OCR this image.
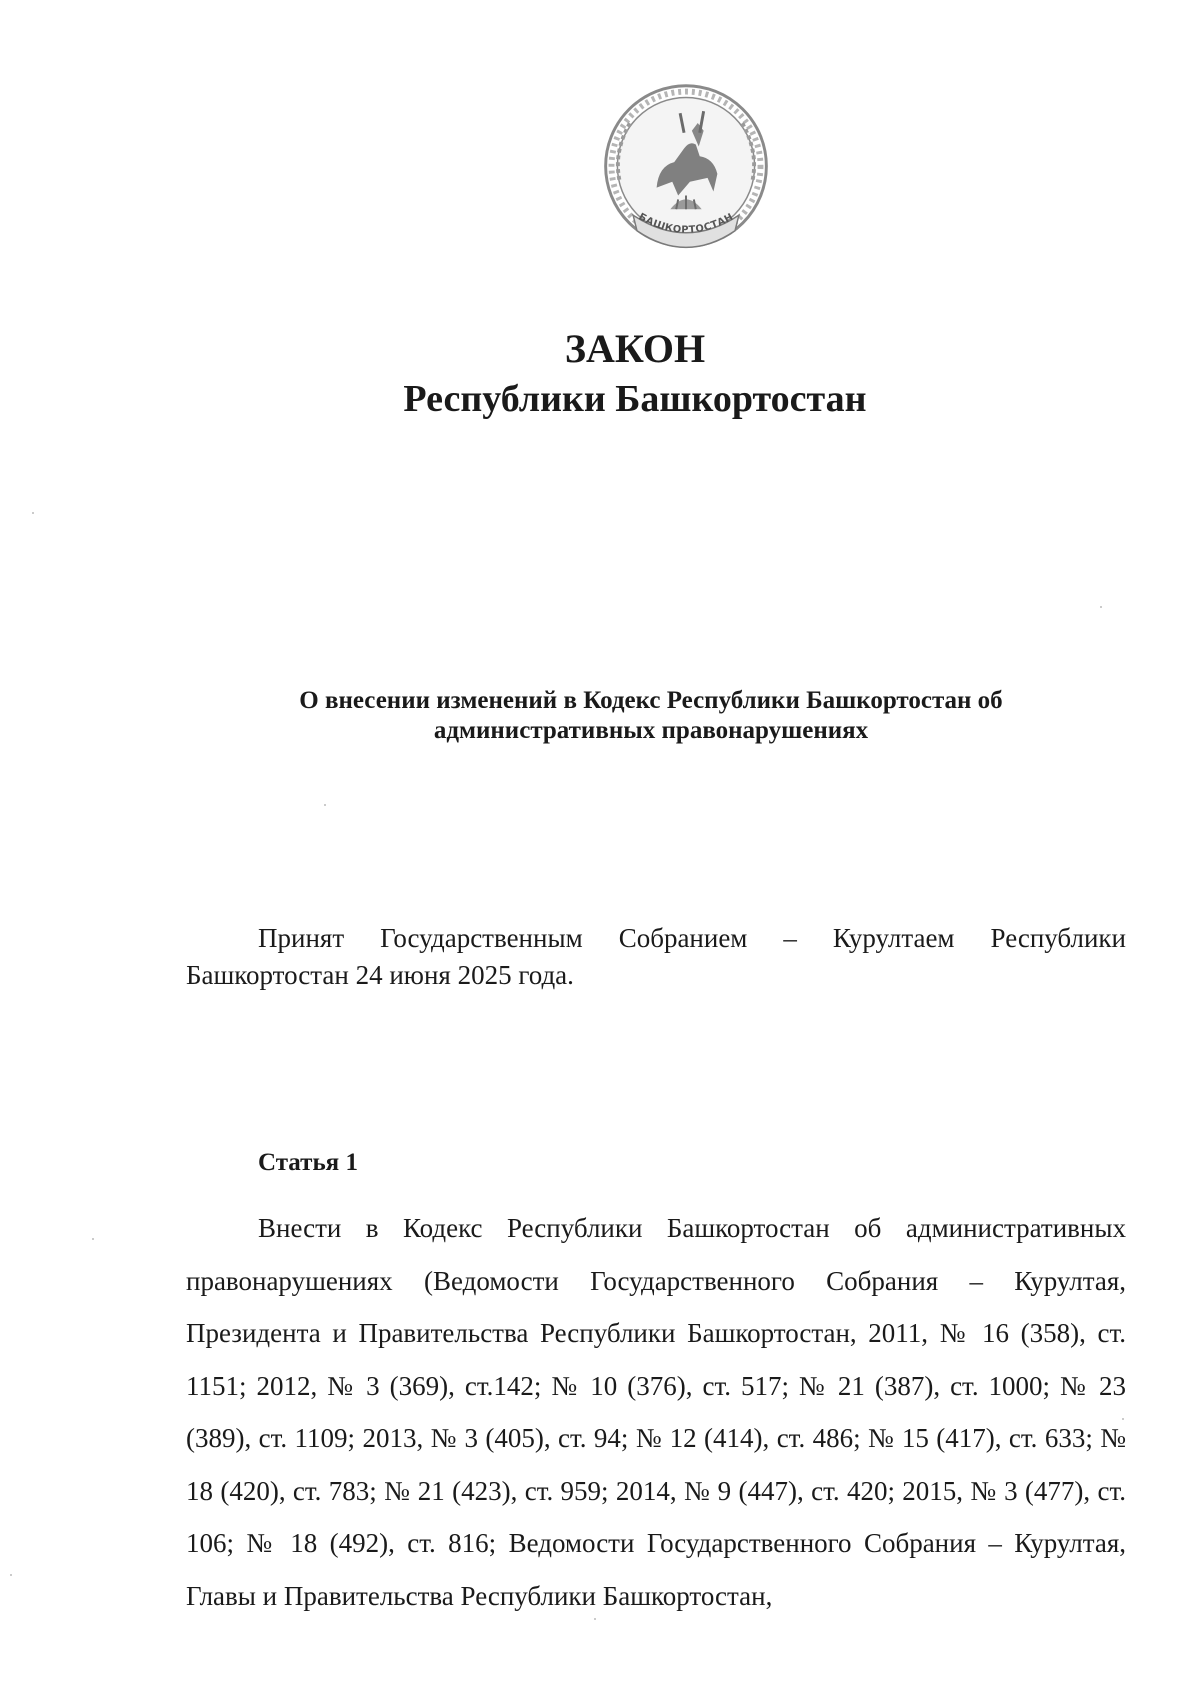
БАШКОРТОСТАН
ЗАКОН
Республики Башкортостан
О внесении изменений в Кодекс Республики Башкортостан об
административных правонарушениях
Принят Государственным Собранием – Курултаем Республики Башкортостан 24 июня 2025 года.
Статья 1
Внести в Кодекс Республики Башкортостан об административных правонарушениях (Ведомости Государственного Собрания – Курултая, Президента и Правительства Республики Башкортостан, 2011, № 16 (358), ст. 1151; 2012, № 3 (369), ст.142; № 10 (376), ст. 517; № 21 (387), ст. 1000; № 23 (389), ст. 1109; 2013, № 3 (405), ст. 94; № 12 (414), ст. 486; № 15 (417), ст. 633; № 18 (420), ст. 783; № 21 (423), ст. 959; 2014, № 9 (447), ст. 420; 2015, № 3 (477), ст. 106; № 18 (492), ст. 816; Ведомости Государственного Собрания – Курултая, Главы и Правительства Республики Башкортостан,
